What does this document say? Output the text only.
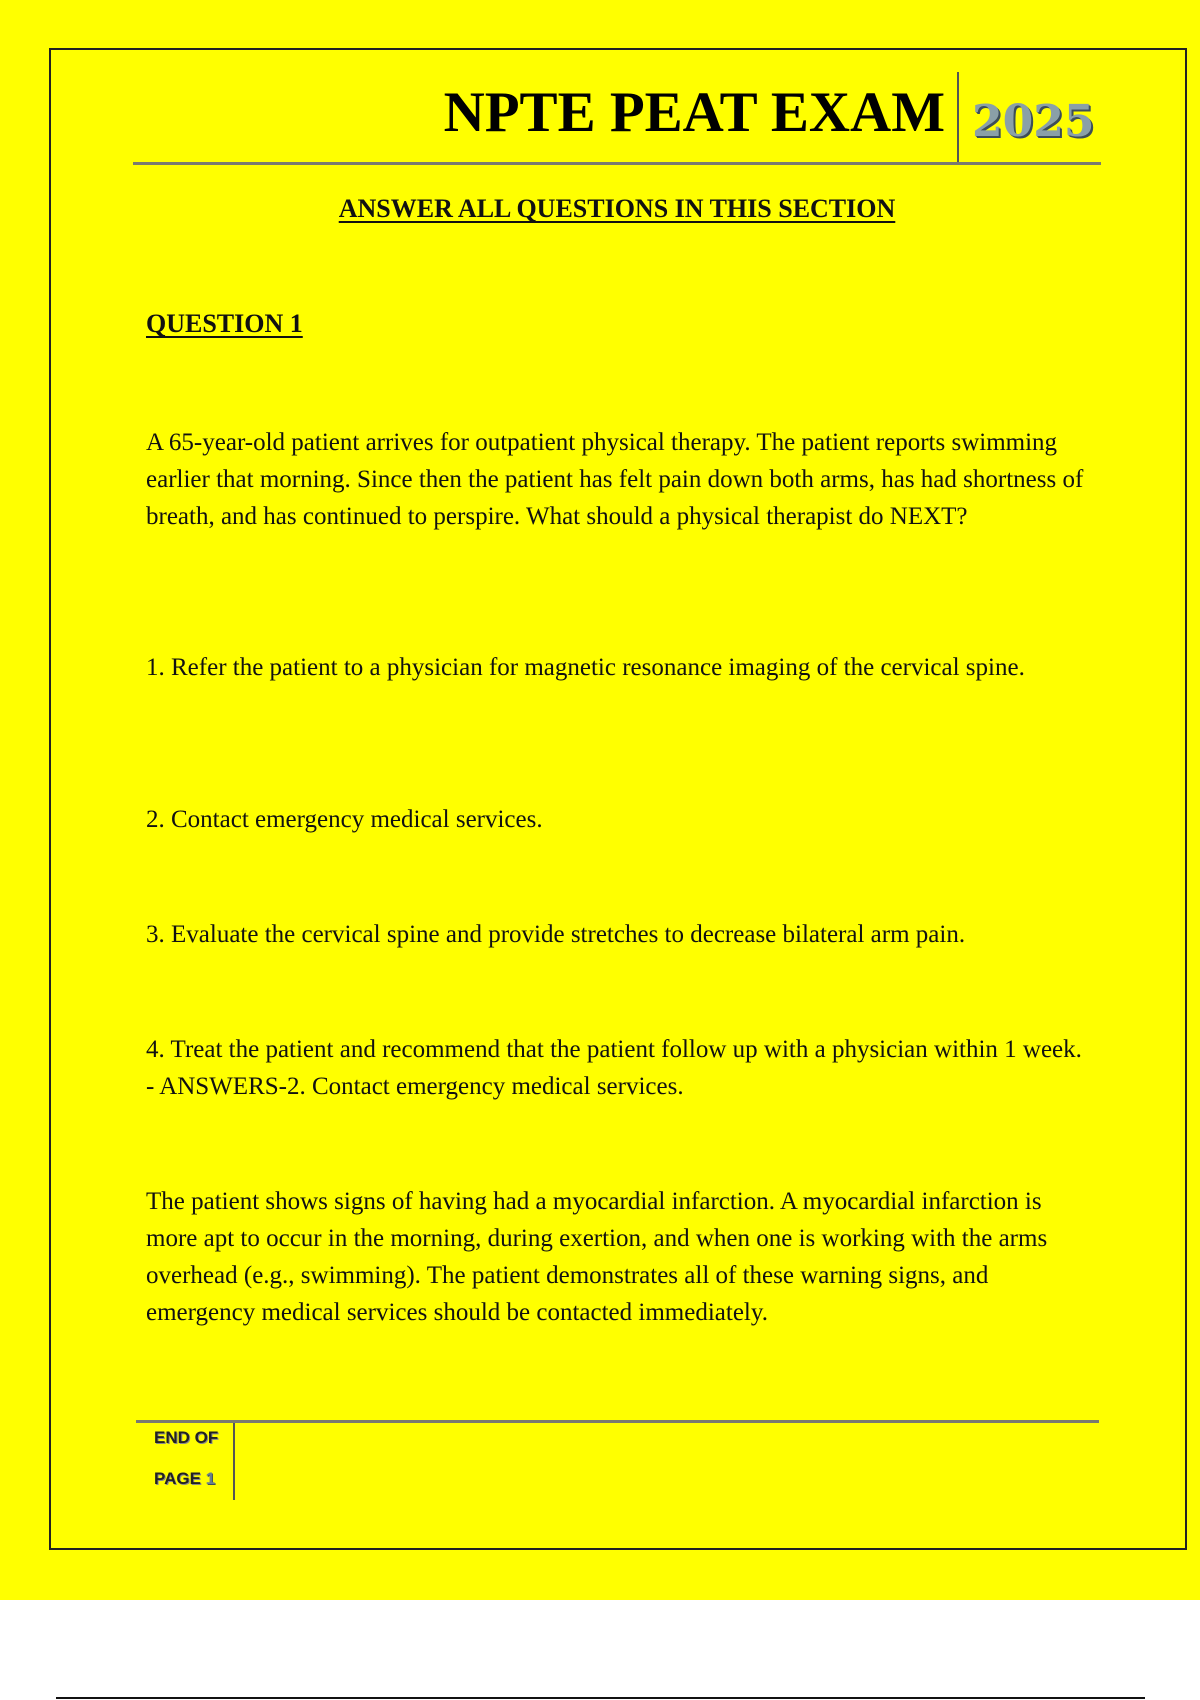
NPTE PEAT EXAM 2025
ANSWER ALL QUESTIONS IN THIS SECTION
QUESTION 1
A 65-year-old patient arrives for outpatient physical therapy. The patient reports swimming earlier that morning. Since then the patient has felt pain down both arms, has had shortness of breath, and has continued to perspire. What should a physical therapist do NEXT?
1. Refer the patient to a physician for magnetic resonance imaging of the cervical spine.
2. Contact emergency medical services.
3. Evaluate the cervical spine and provide stretches to decrease bilateral arm pain.
4. Treat the patient and recommend that the patient follow up with a physician within 1 week. - ANSWERS-2. Contact emergency medical services.
The patient shows signs of having had a myocardial infarction. A myocardial infarction is more apt to occur in the morning, during exertion, and when one is working with the arms overhead (e.g., swimming). The patient demonstrates all of these warning signs, and emergency medical services should be contacted immediately.
END OF
PAGE 1
